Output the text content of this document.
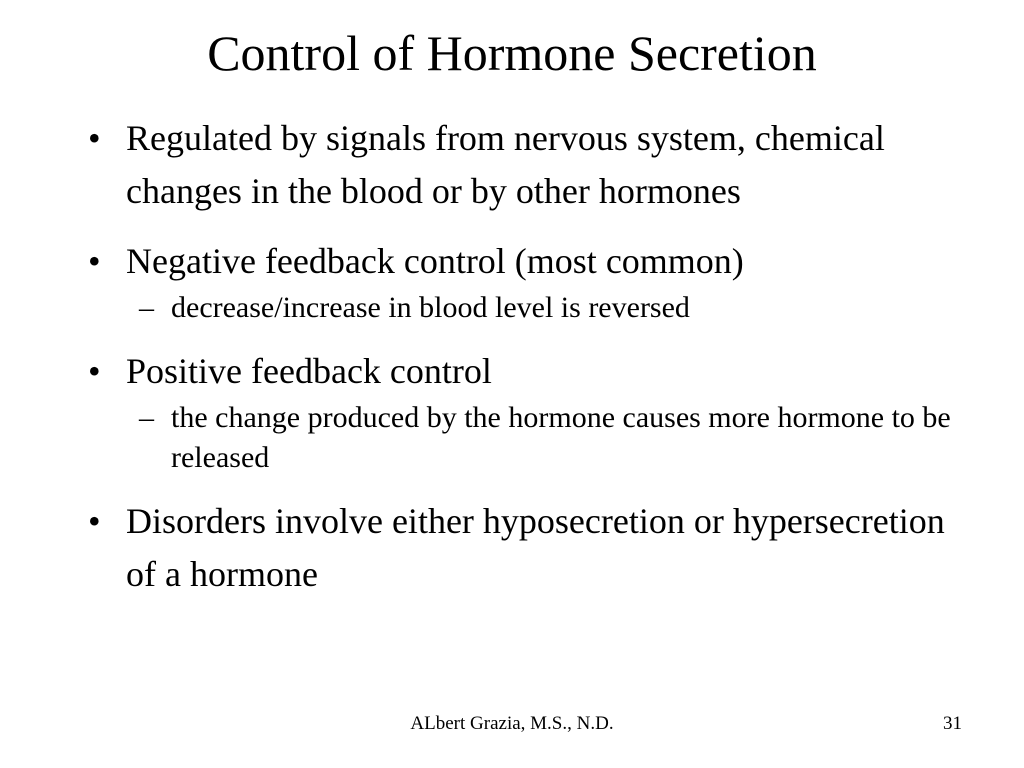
Control of Hormone Secretion
• Regulated by signals from nervous system, chemical changes in the blood or by other hormones
• Negative feedback control (most common)
– decrease/increase in blood level is reversed
• Positive feedback control
– the change produced by the hormone causes more hormone to be released
• Disorders involve either hyposecretion or hypersecretion of a hormone
ALbert Grazia, M.S., N.D.	31
